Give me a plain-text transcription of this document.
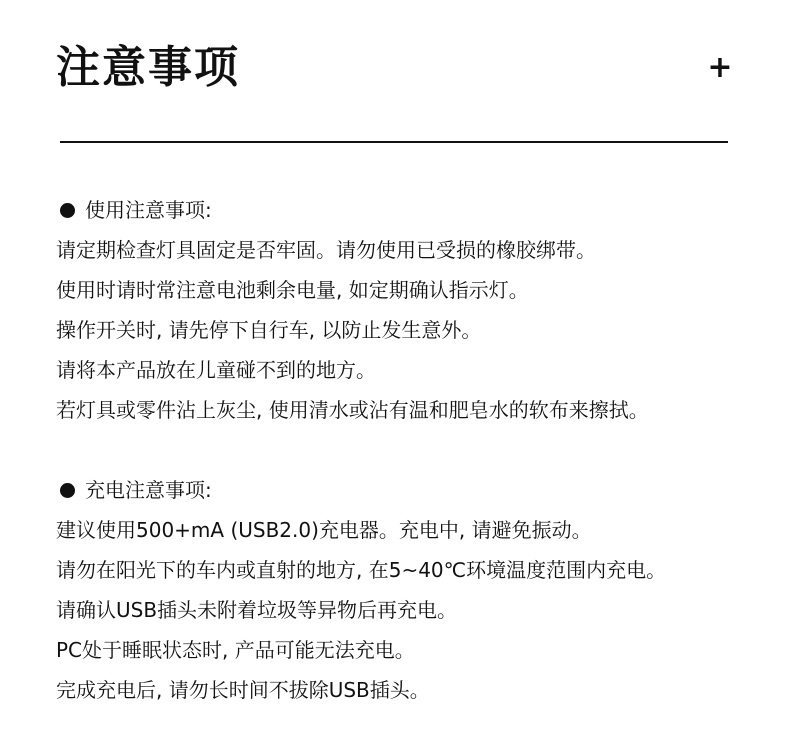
注意事项	+
使用注意事项:
请定期检查灯具固定是否牢固。请勿使用已受损的橡胶绑带。
使用时请时常注意电池剩余电量, 如定期确认指示灯。
操作开关时, 请先停下自行车, 以防止发生意外。
请将本产品放在儿童碰不到的地方。
若灯具或零件沾上灰尘, 使用清水或沾有温和肥皂水的软布来擦拭。
充电注意事项:
建议使用500+mA (USB2.0)充电器。充电中, 请避免振动。
请勿在阳光下的车内或直射的地方, 在5~40℃环境温度范围内充电。
请确认USB插头未附着垃圾等异物后再充电。
PC处于睡眠状态时, 产品可能无法充电。
完成充电后, 请勿长时间不拔除USB插头。
